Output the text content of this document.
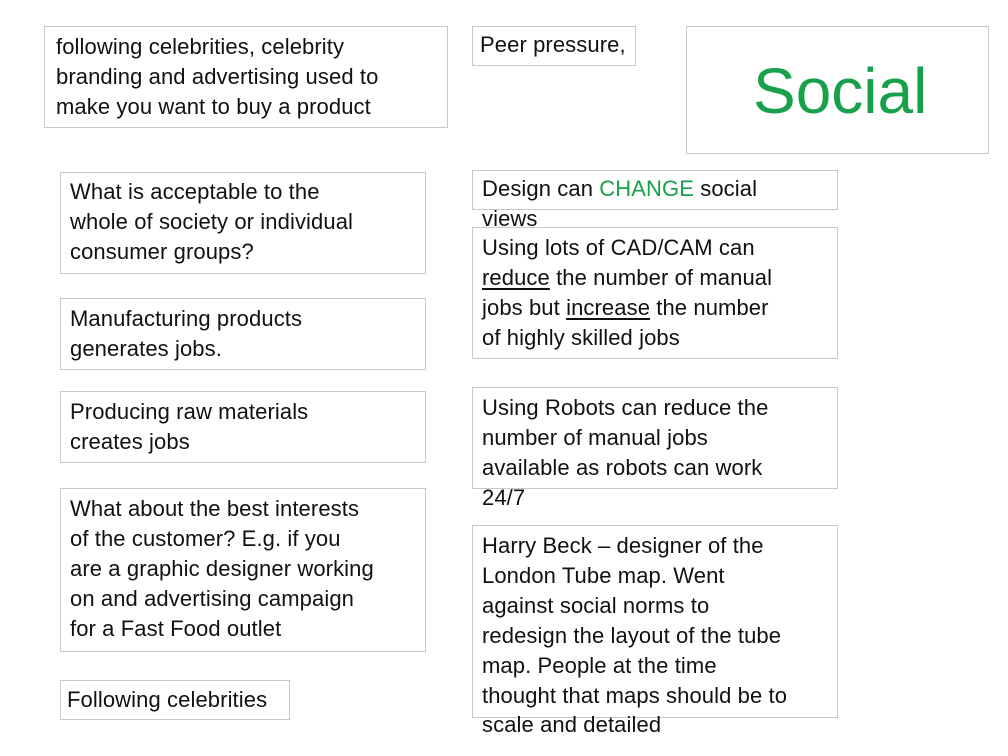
following celebrities, celebrity
branding and advertising used to
make you want to buy a product
Peer pressure,
Social
What is acceptable to the
whole of society or individual
consumer groups?
Design can CHANGE social
views
Using lots of CAD/CAM can
reduce the number of manual
jobs but increase the number
of highly skilled jobs
Manufacturing products
generates jobs.
Producing raw materials
creates jobs
Using Robots can reduce the
number of manual jobs
available as robots can work
24/7
What about the best interests
of the customer? E.g. if you
are a graphic designer working
on and advertising campaign
for a Fast Food outlet
Harry Beck – designer of the
London Tube map. Went
against social norms to
redesign the layout of the tube
map. People at the time
thought that maps should be to
scale and detailed
Following celebrities
